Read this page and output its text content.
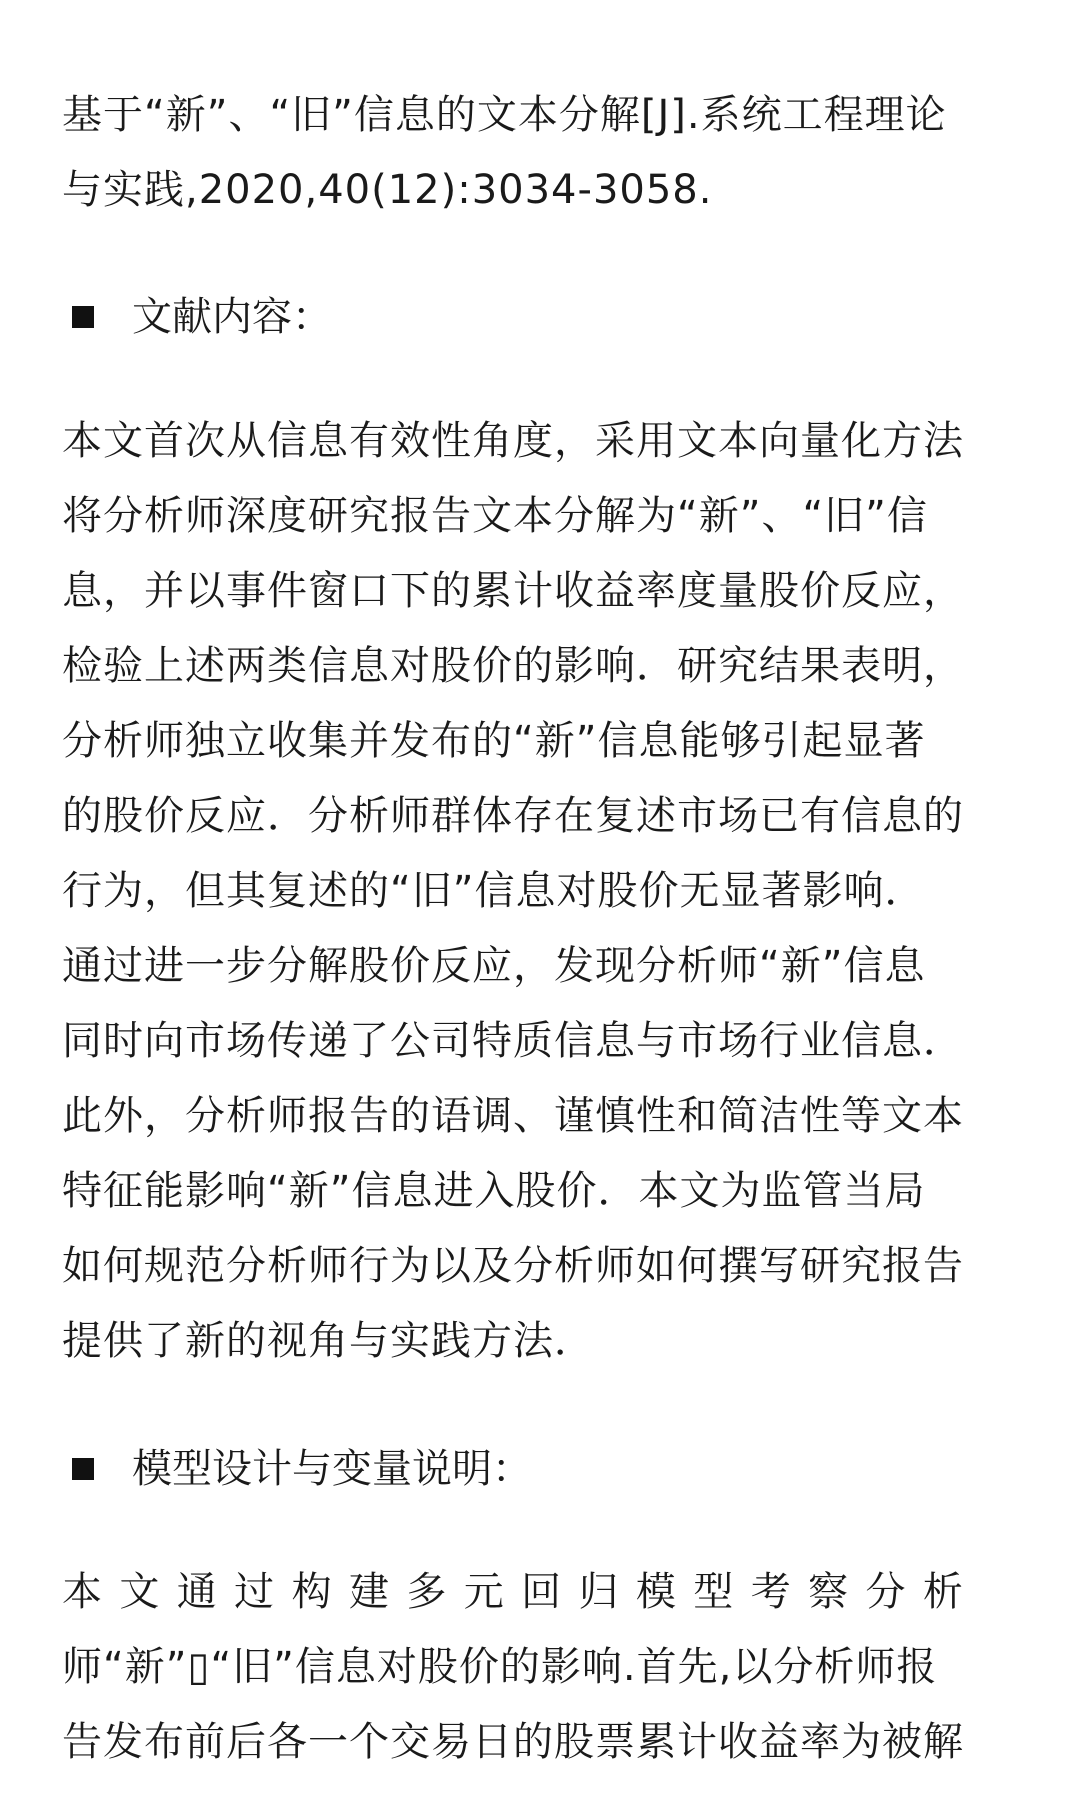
基于“新”、“旧”信息的文本分解[J].系统工程理论
与实践,2020,40(12):3034-3058.
文献内容：
本文首次从信息有效性角度，采用文本向量化方法
将分析师深度研究报告文本分解为“新”、“旧”信
息，并以事件窗口下的累计收益率度量股价反应，
检验上述两类信息对股价的影响．研究结果表明，
分析师独立收集并发布的“新”信息能够引起显著
的股价反应．分析师群体存在复述市场已有信息的
行为，但其复述的“旧”信息对股价无显著影响．
通过进一步分解股价反应，发现分析师“新”信息
同时向市场传递了公司特质信息与市场行业信息．
此外，分析师报告的语调、谨慎性和简洁性等文本
特征能影响“新”信息进入股价．本文为监管当局
如何规范分析师行为以及分析师如何撰写研究报告
提供了新的视角与实践方法．
模型设计与变量说明：
本 文 通 过 构 建 多 元 回 归 模 型 考 察 分 析
师“新”▯“旧”信息对股价的影响.首先,以分析师报
告发布前后各一个交易日的股票累计收益率为被解
